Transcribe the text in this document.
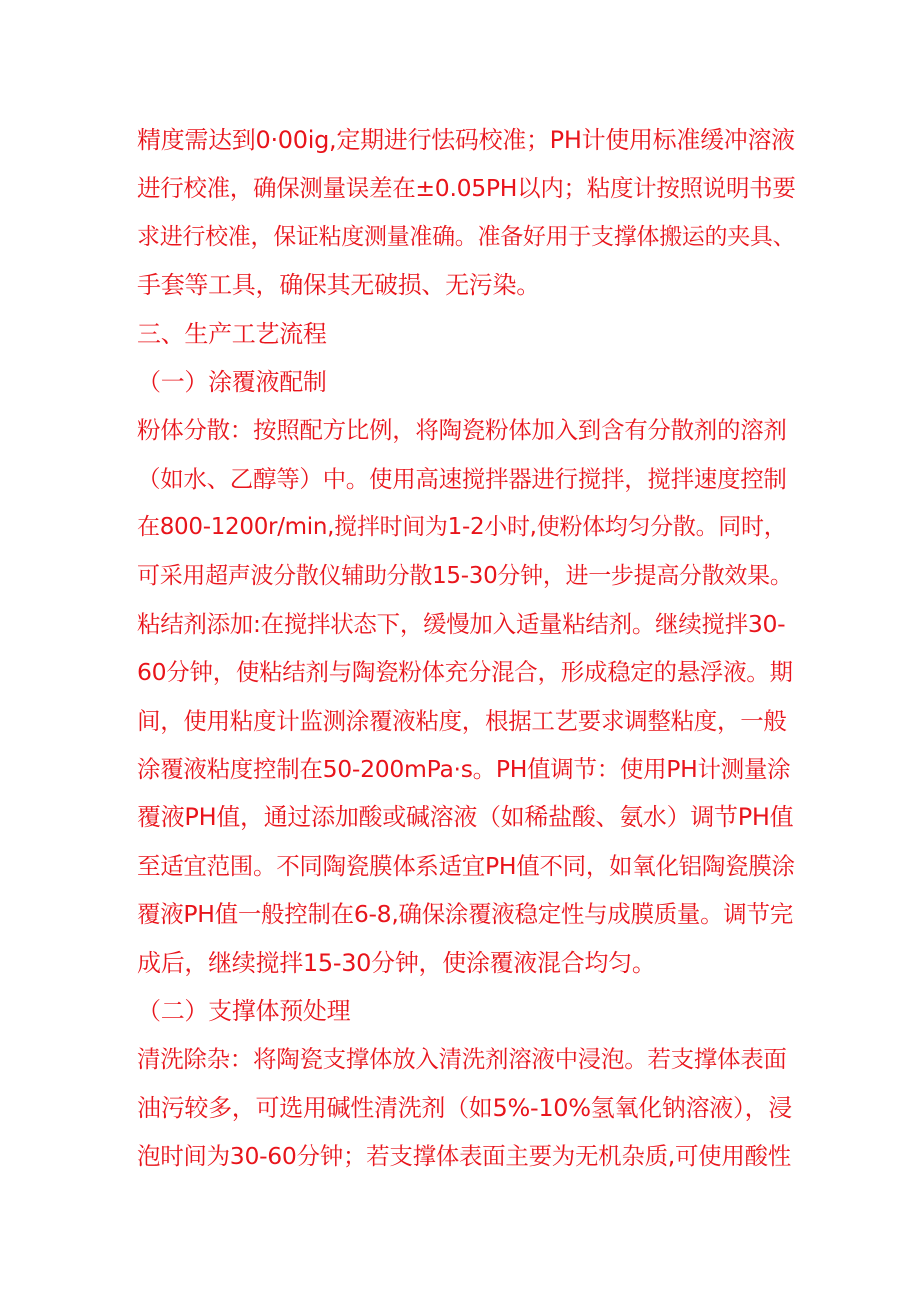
精度需达到0·00ig,定期进行怯码校准；PH计使用标准缓冲溶液
进行校准，确保测量误差在±0.05PH以内；粘度计按照说明书要
求进行校准，保证粘度测量准确。准备好用于支撑体搬运的夹具、
手套等工具，确保其无破损、无污染。
三、生产工艺流程
（一）涂覆液配制
粉体分散：按照配方比例，将陶瓷粉体加入到含有分散剂的溶剂
（如水、乙醇等）中。使用高速搅拌器进行搅拌，搅拌速度控制
在800-1200r/min,搅拌时间为1-2小时,使粉体均匀分散。同时，
可采用超声波分散仪辅助分散15-30分钟，进一步提高分散效果。
粘结剂添加:在搅拌状态下，缓慢加入适量粘结剂。继续搅拌30-
60分钟，使粘结剂与陶瓷粉体充分混合，形成稳定的悬浮液。期
间，使用粘度计监测涂覆液粘度，根据工艺要求调整粘度，一般
涂覆液粘度控制在50-200mPa·s。PH值调节：使用PH计测量涂
覆液PH值，通过添加酸或碱溶液（如稀盐酸、氨水）调节PH值
至适宜范围。不同陶瓷膜体系适宜PH值不同，如氧化铝陶瓷膜涂
覆液PH值一般控制在6-8,确保涂覆液稳定性与成膜质量。调节完
成后，继续搅拌15-30分钟，使涂覆液混合均匀。
（二）支撑体预处理
清洗除杂：将陶瓷支撑体放入清洗剂溶液中浸泡。若支撑体表面
油污较多，可选用碱性清洗剂（如5%-10%氢氧化钠溶液），浸
泡时间为30-60分钟；若支撑体表面主要为无机杂质,可使用酸性
